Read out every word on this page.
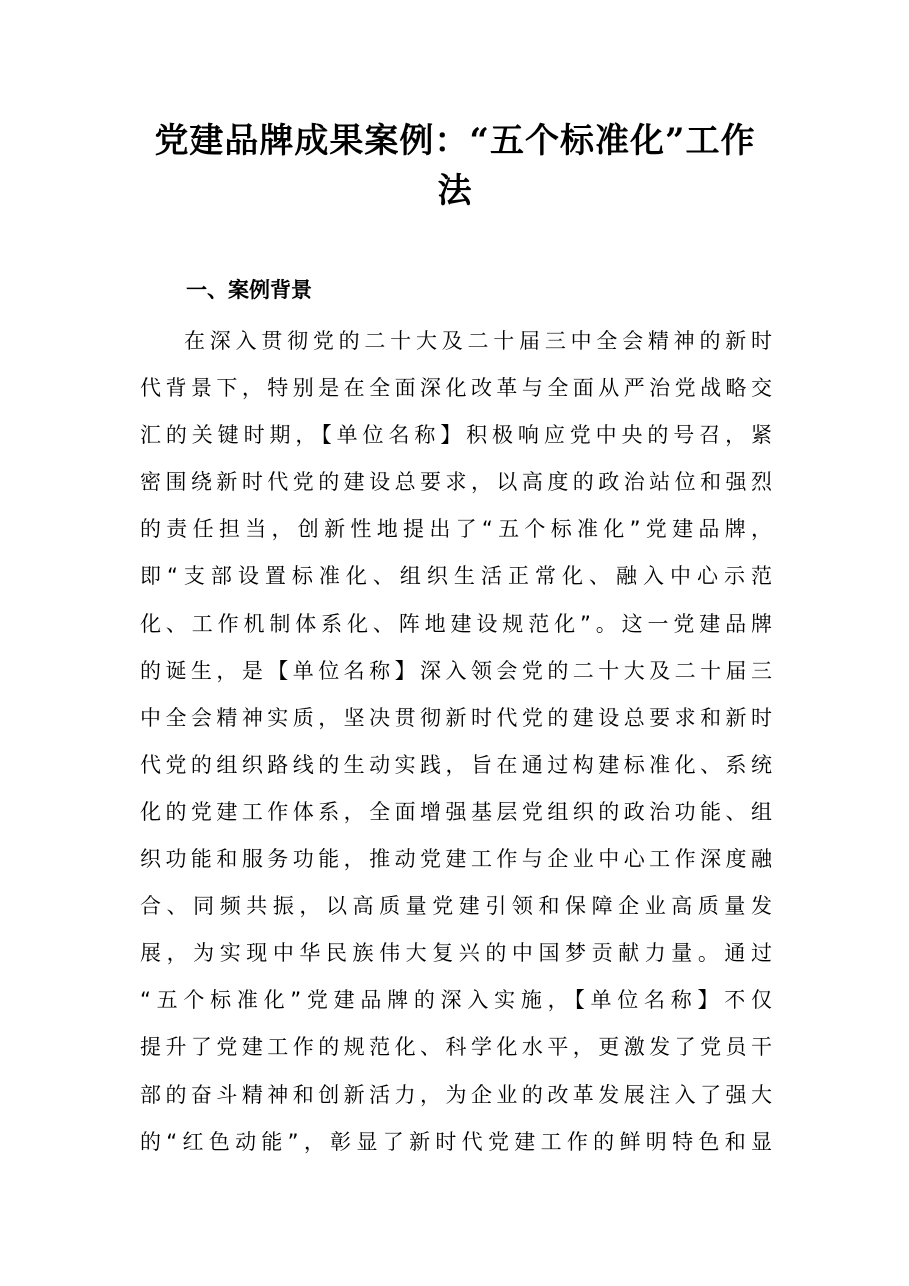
党建品牌成果案例：“五个标准化”工作
法
一、案例背景
在深入贯彻党的二十大及二十届三中全会精神的新时
代背景下，特别是在全面深化改革与全面从严治党战略交
汇的关键时期，【单位名称】积极响应党中央的号召，紧
密围绕新时代党的建设总要求，以高度的政治站位和强烈
的责任担当，创新性地提出了“五个标准化”党建品牌，
即“支部设置标准化、组织生活正常化、融入中心示范
化、工作机制体系化、阵地建设规范化”。这一党建品牌
的诞生，是【单位名称】深入领会党的二十大及二十届三
中全会精神实质，坚决贯彻新时代党的建设总要求和新时
代党的组织路线的生动实践，旨在通过构建标准化、系统
化的党建工作体系，全面增强基层党组织的政治功能、组
织功能和服务功能，推动党建工作与企业中心工作深度融
合、同频共振，以高质量党建引领和保障企业高质量发
展，为实现中华民族伟大复兴的中国梦贡献力量。通过
“五个标准化”党建品牌的深入实施，【单位名称】不仅
提升了党建工作的规范化、科学化水平，更激发了党员干
部的奋斗精神和创新活力，为企业的改革发展注入了强大
的“红色动能”，彰显了新时代党建工作的鲜明特色和显
